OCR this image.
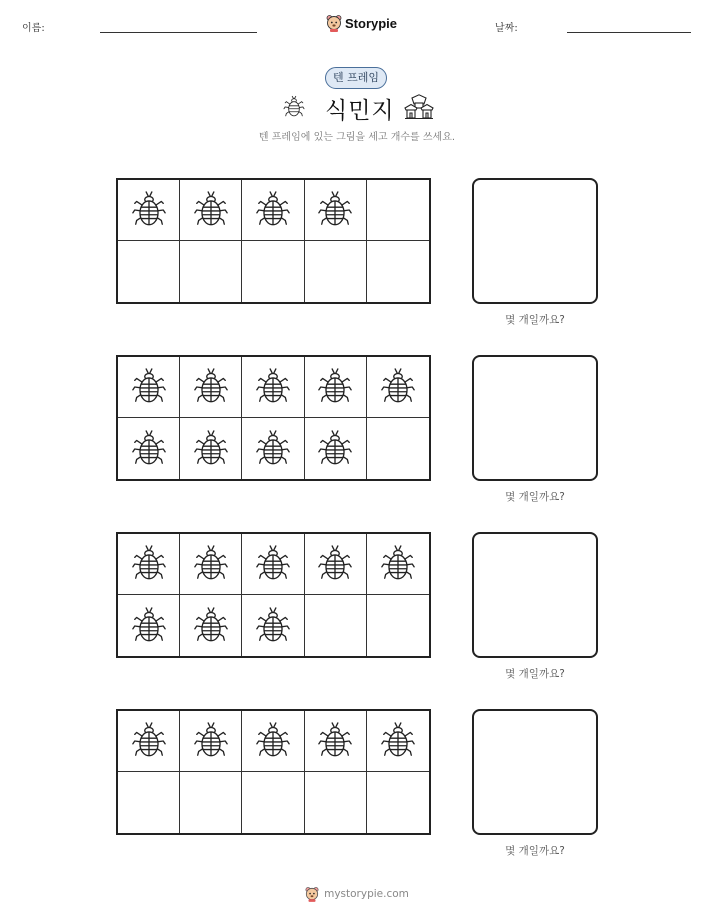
이름:	Storypie	날짜:
텐 프레임
식민지
텐 프레임에 있는 그림을 세고 개수를 쓰세요.
몇 개일까요?
몇 개일까요?
몇 개일까요?
몇 개일까요?
mystorypie.com
